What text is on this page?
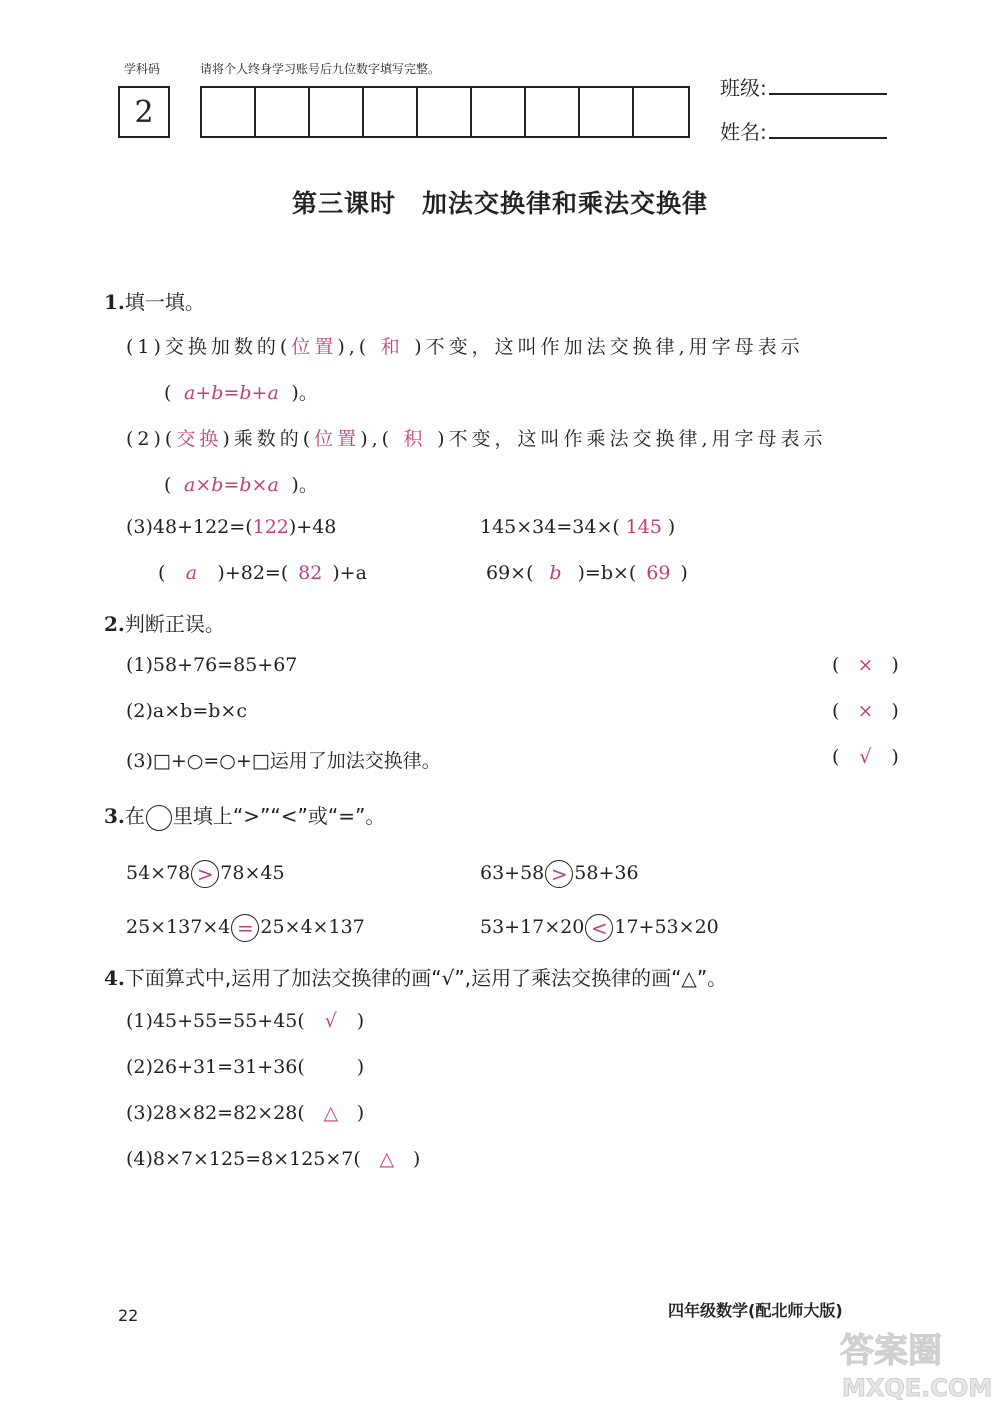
学科码	请将个人终身学习账号后九位数字填写完整。
2
班级:
姓名:
第三课时　加法交换律和乘法交换律
1.填一填。
(1)交换加数的(位置),( 和 )不变，这叫作加法交换律,用字母表示
( a+b=b+a )。
(2)(交换)乘数的(位置),( 积 )不变，这叫作乘法交换律,用字母表示
( a×b=b×a )。
(3)48+122=(122)+48	145×34=34×( 145 )
( a )+82=( 82 )+a	69×( b )=b×( 69 )
2.判断正误。
(1)58+76=85+67	( × )
(2)a×b=b×c	( × )
(3)□+○=○+□运用了加法交换律。	( √ )
3.在 里填上“>”“<”或“=”。
54×78 > 78×45	63+58 > 58+36
25×137×4 = 25×4×137	53+17×20 < 17+53×20
4.下面算式中,运用了加法交换律的画“√”,运用了乘法交换律的画“△”。
(1)45+55=55+45( √ )
(2)26+31=31+36(	)
(3)28×82=82×28( △ )
(4)8×7×125=8×125×7( △ )
22	四年级数学(配北师大版)
答案圈
MXQE.COM
